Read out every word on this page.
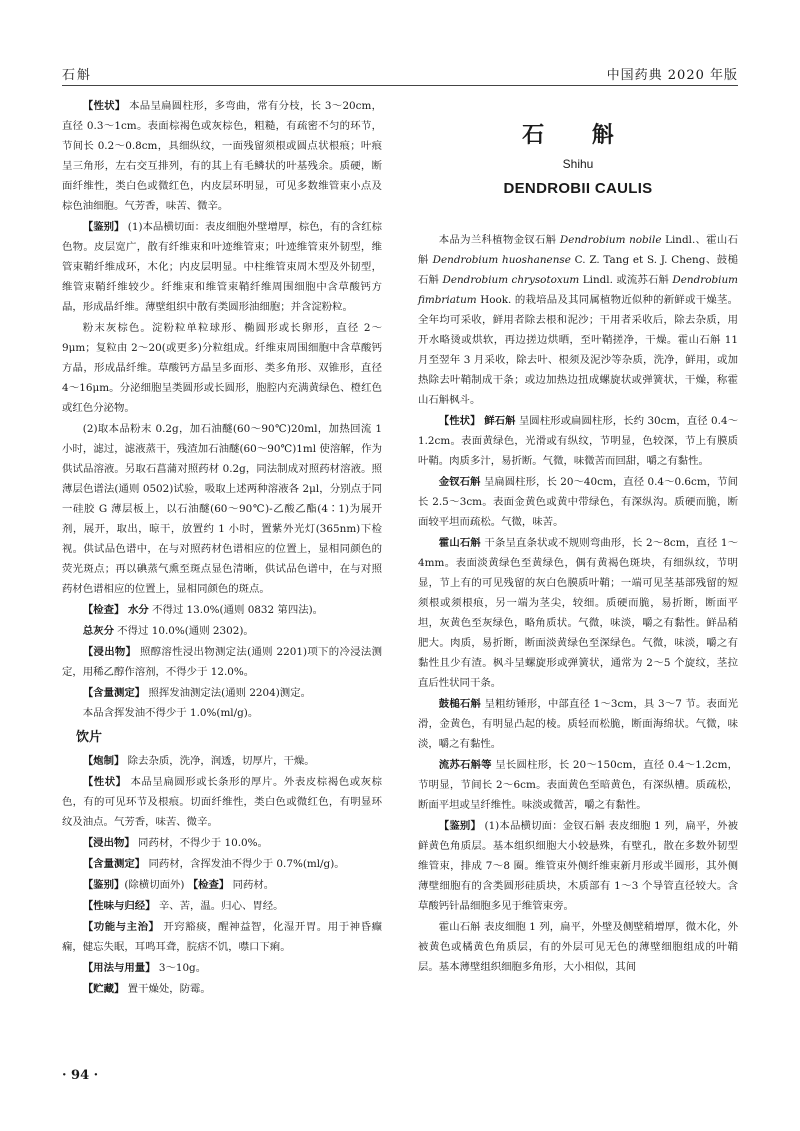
石斛	中国药典 2020 年版

【性状】 本品呈扁圆柱形，多弯曲，常有分枝，长 3～20cm，直径 0.3～1cm。表面棕褐色或灰棕色，粗糙，有疏密不匀的环节，节间长 0.2～0.8cm，具细纵纹，一面残留须根或圆点状根痕；叶痕呈三角形，左右交互排列，有的其上有毛鳞状的叶基残余。质硬，断面纤维性，类白色或微红色，内皮层环明显，可见多数维管束小点及棕色油细胞。气芳香，味苦、微辛。

【鉴别】 (1)本品横切面：表皮细胞外壁增厚，棕色，有的含红棕色物。皮层宽广，散有纤维束和叶迹维管束；叶迹维管束外韧型，维管束鞘纤维成环，木化；内皮层明显。中柱维管束周木型及外韧型，维管束鞘纤维较少。纤维束和维管束鞘纤维周围细胞中含草酸钙方晶，形成晶纤维。薄壁组织中散有类圆形油细胞；并含淀粉粒。

粉末灰棕色。淀粉粒单粒球形、椭圆形或长卵形，直径 2～9μm；复粒由 2～20(或更多)分粒组成。纤维束周围细胞中含草酸钙方晶，形成晶纤维。草酸钙方晶呈多面形、类多角形、双锥形，直径 4～16μm。分泌细胞呈类圆形或长圆形，胞腔内充满黄绿色、橙红色或红色分泌物。

(2)取本品粉末 0.2g，加石油醚(60～90℃)20ml，加热回流 1 小时，滤过，滤液蒸干，残渣加石油醚(60～90℃)1ml 使溶解，作为供试品溶液。另取石菖蒲对照药材 0.2g，同法制成对照药材溶液。照薄层色谱法(通则 0502)试验，吸取上述两种溶液各 2μl，分别点于同一硅胶 G 薄层板上，以石油醚(60～90℃)-乙酸乙酯(4∶1)为展开剂，展开，取出，晾干，放置约 1 小时，置紫外光灯(365nm)下检视。供试品色谱中，在与对照药材色谱相应的位置上，显相同颜色的荧光斑点；再以碘蒸气熏至斑点显色清晰，供试品色谱中，在与对照药材色谱相应的位置上，显相同颜色的斑点。

【检查】 水分 不得过 13.0%(通则 0832 第四法)。

总灰分 不得过 10.0%(通则 2302)。

【浸出物】 照醇溶性浸出物测定法(通则 2201)项下的冷浸法测定，用稀乙醇作溶剂，不得少于 12.0%。

【含量测定】 照挥发油测定法(通则 2204)测定。

本品含挥发油不得少于 1.0%(ml/g)。

饮片

【炮制】 除去杂质，洗净，润透，切厚片，干燥。

【性状】 本品呈扁圆形或长条形的厚片。外表皮棕褐色或灰棕色，有的可见环节及根痕。切面纤维性，类白色或微红色，有明显环纹及油点。气芳香，味苦、微辛。

【浸出物】 同药材，不得少于 10.0%。

【含量测定】 同药材，含挥发油不得少于 0.7%(ml/g)。

【鉴别】(除横切面外) 【检查】 同药材。

【性味与归经】 辛、苦，温。归心、胃经。

【功能与主治】 开窍豁痰，醒神益智，化湿开胃。用于神昏癫痫，健忘失眠，耳鸣耳聋，脘痞不饥，噤口下痢。

【用法与用量】 3～10g。

【贮藏】 置干燥处，防霉。

石 斛
Shihu
DENDROBII CAULIS

本品为兰科植物金钗石斛 Dendrobium nobile Lindl.、霍山石斛 Dendrobium huoshanense C. Z. Tang et S. J. Cheng、鼓槌石斛 Dendrobium chrysotoxum Lindl. 或流苏石斛 Dendrobium fimbriatum Hook. 的栽培品及其同属植物近似种的新鲜或干燥茎。全年均可采收，鲜用者除去根和泥沙；干用者采收后，除去杂质，用开水略烫或烘软，再边搓边烘晒，至叶鞘搓净，干燥。霍山石斛 11 月至翌年 3 月采收，除去叶、根须及泥沙等杂质，洗净，鲜用，或加热除去叶鞘制成干条；或边加热边扭成螺旋状或弹簧状，干燥，称霍山石斛枫斗。

【性状】 鲜石斛 呈圆柱形或扁圆柱形，长约 30cm，直径 0.4～1.2cm。表面黄绿色，光滑或有纵纹，节明显，色较深，节上有膜质叶鞘。肉质多汁，易折断。气微，味微苦而回甜，嚼之有黏性。

金钗石斛 呈扁圆柱形，长 20～40cm，直径 0.4～0.6cm，节间长 2.5～3cm。表面金黄色或黄中带绿色，有深纵沟。质硬而脆，断面较平坦而疏松。气微，味苦。

霍山石斛 干条呈直条状或不规则弯曲形，长 2～8cm，直径 1～4mm。表面淡黄绿色至黄绿色，偶有黄褐色斑块，有细纵纹，节明显，节上有的可见残留的灰白色膜质叶鞘；一端可见茎基部残留的短须根或须根痕，另一端为茎尖，较细。质硬而脆，易折断，断面平坦，灰黄色至灰绿色，略角质状。气微，味淡，嚼之有黏性。鲜品稍肥大。肉质，易折断，断面淡黄绿色至深绿色。气微，味淡，嚼之有黏性且少有渣。枫斗呈螺旋形或弹簧状，通常为 2～5 个旋纹，茎拉直后性状同干条。

鼓槌石斛 呈粗纺锤形，中部直径 1～3cm，具 3～7 节。表面光滑，金黄色，有明显凸起的棱。质轻而松脆，断面海绵状。气微，味淡，嚼之有黏性。

流苏石斛等 呈长圆柱形，长 20～150cm，直径 0.4～1.2cm，节明显，节间长 2～6cm。表面黄色至暗黄色，有深纵槽。质疏松，断面平坦或呈纤维性。味淡或微苦，嚼之有黏性。

【鉴别】 (1)本品横切面：金钗石斛 表皮细胞 1 列，扁平，外被鲜黄色角质层。基本组织细胞大小较悬殊，有壁孔，散在多数外韧型维管束，排成 7～8 圈。维管束外侧纤维束新月形或半圆形，其外侧薄壁细胞有的含类圆形硅质块，木质部有 1～3 个导管直径较大。含草酸钙针晶细胞多见于维管束旁。

霍山石斛 表皮细胞 1 列，扁平，外壁及侧壁稍增厚，微木化，外被黄色或橘黄色角质层，有的外层可见无色的薄壁细胞组成的叶鞘层。基本薄壁组织细胞多角形，大小相似，其间

· 94 ·
